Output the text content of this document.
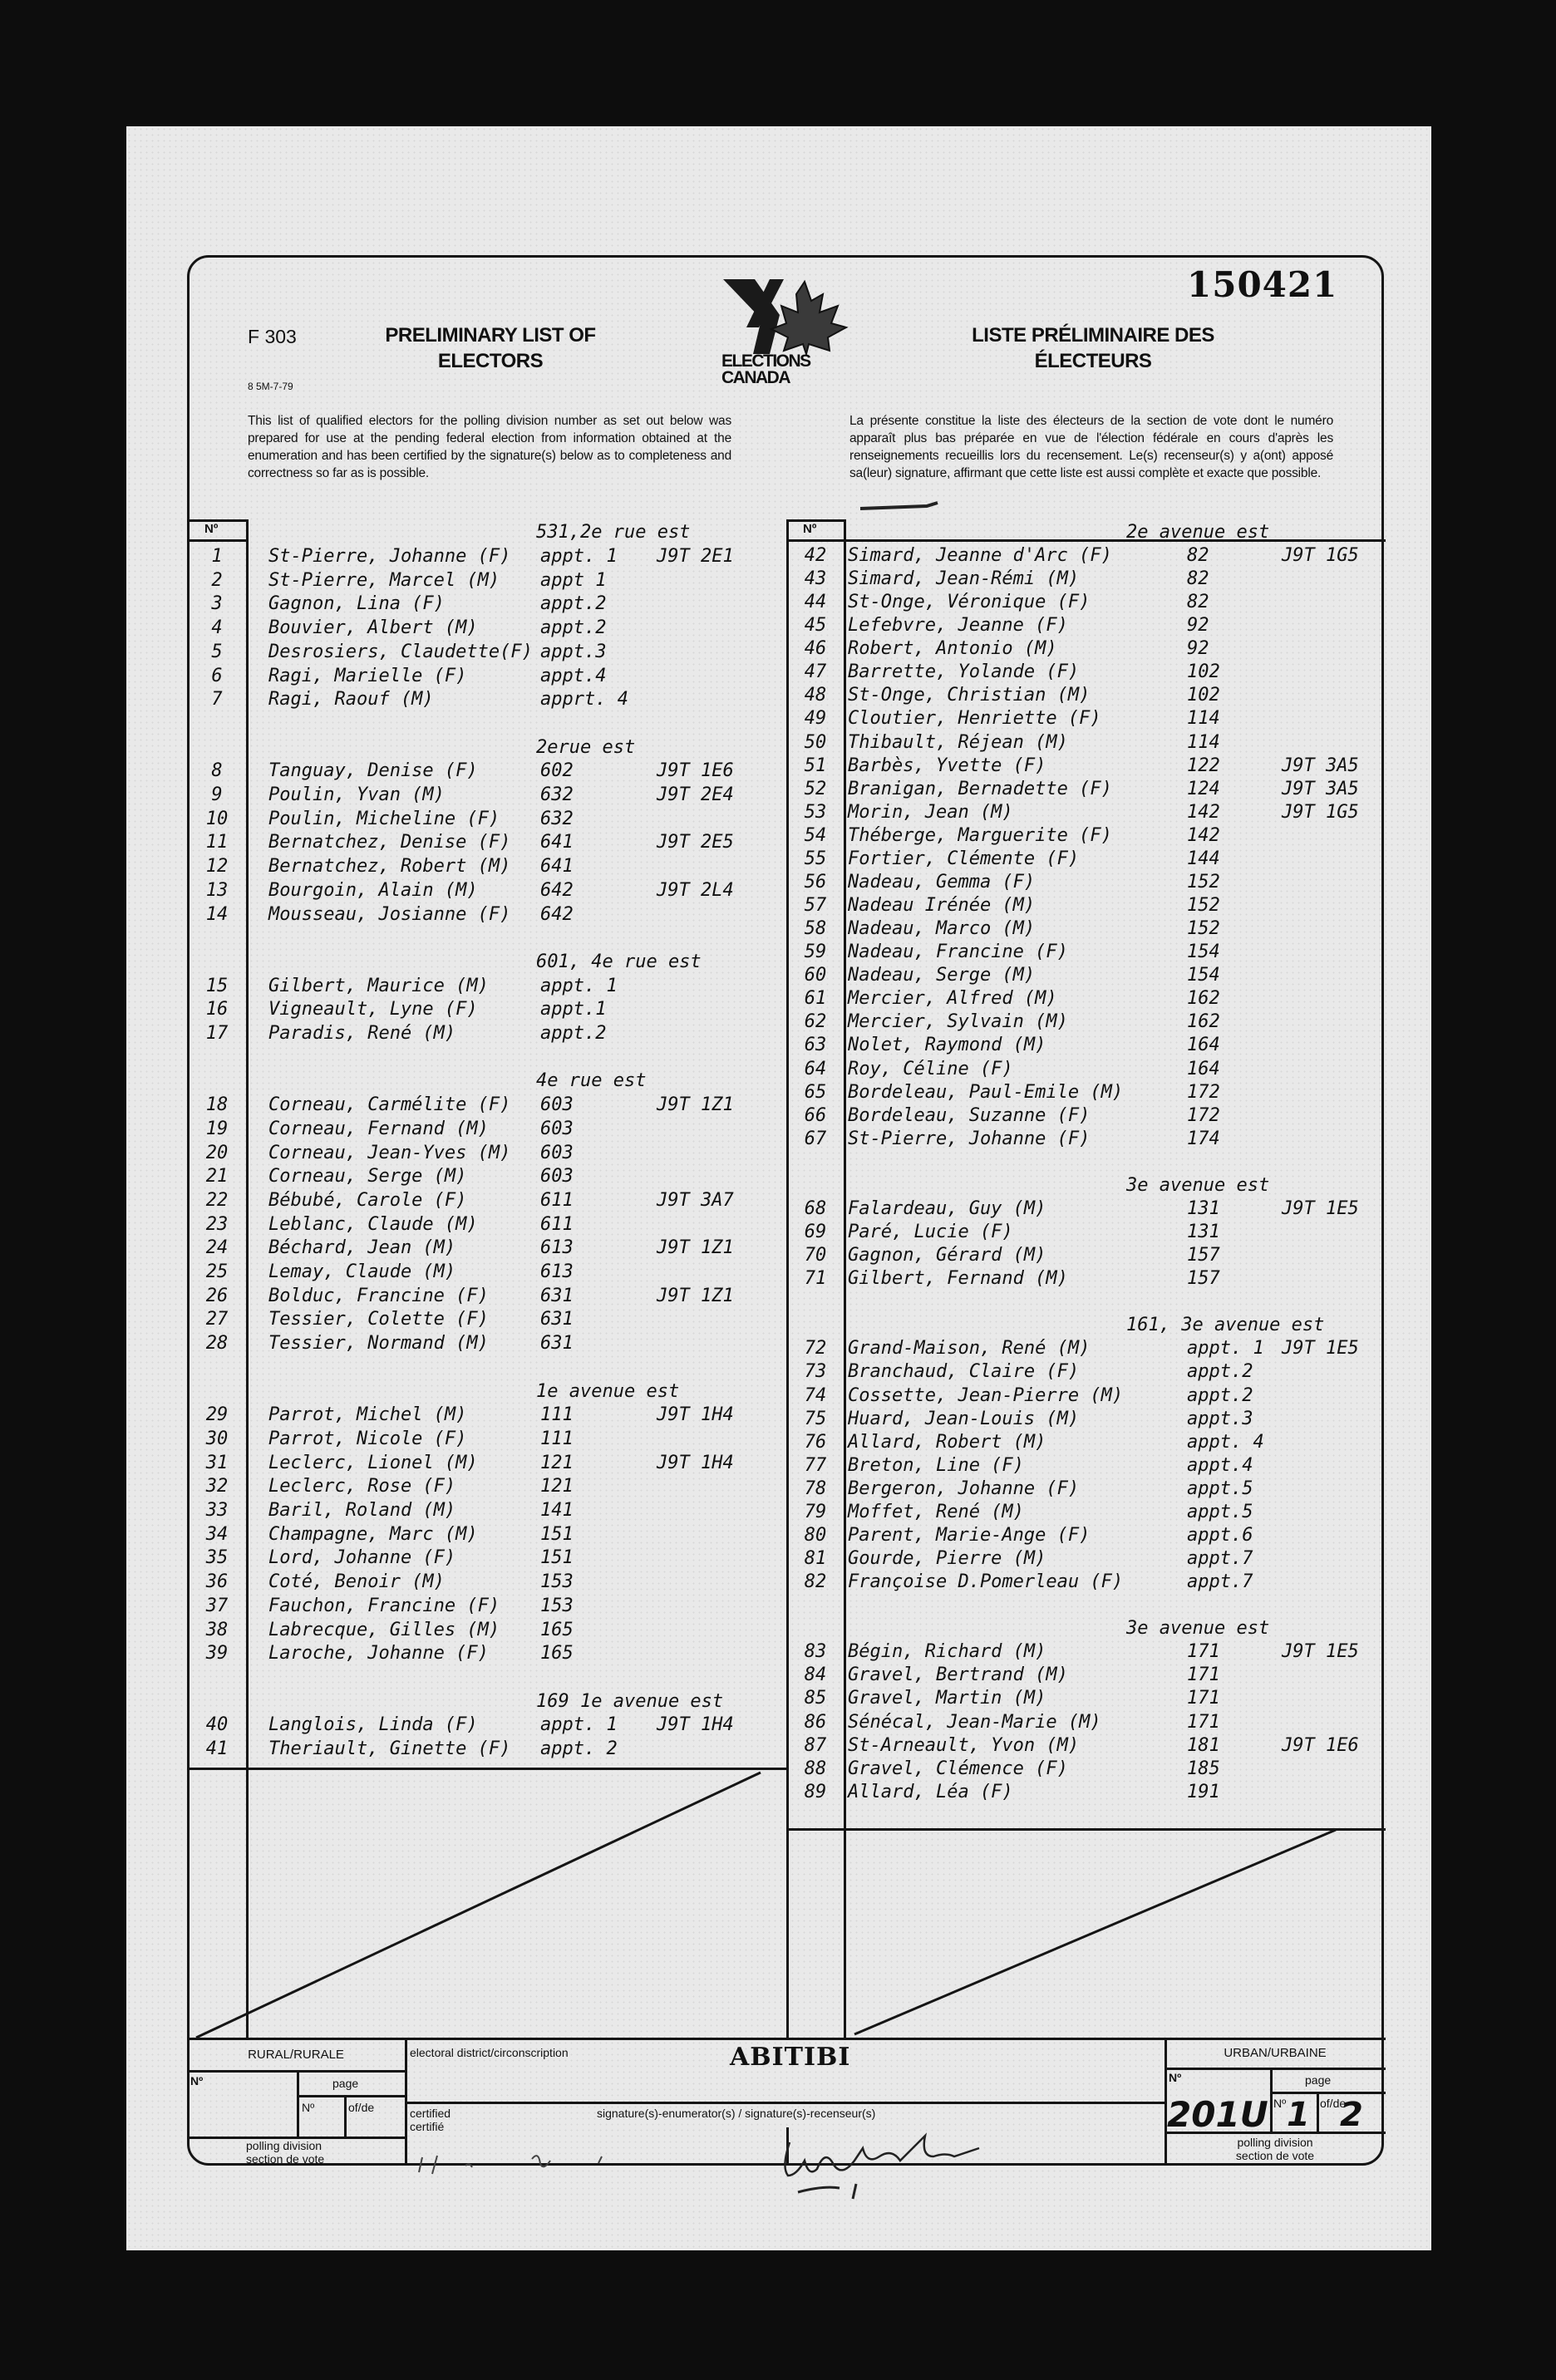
150421
F 303
8 5M-7-79
PRELIMINARY LIST OF
ELECTORS
LISTE PRÉLIMINAIRE DES
ÉLECTEURS
ELECTIONS
CANADA
This list of qualified electors for the polling division number as set out below was prepared for use at the pending federal election from information obtained at the enumeration and has been certified by the signature(s) below as to completeness and correctness so far as is possible.
La présente constitue la liste des électeurs de la section de vote dont le numéro apparaît plus bas préparée en vue de l'élection fédérale en cours d'après les renseignements recueillis lors du recensement. Le(s) recenseur(s) y a(ont) apposé sa(leur) signature, affirmant que cette liste est aussi complète et exacte que possible.
Nº	Nº
531,2e rue est
1	St-Pierre, Johanne (F) appt. 1 J9T 2E1
2	St-Pierre, Marcel (M) appt 1
3	Gagnon, Lina (F)	appt.2
4	Bouvier, Albert (M)	appt.2
5	Desrosiers, Claudette(F) appt.3
6	Ragi, Marielle (F)	appt.4
7	Ragi, Raouf (M)	apprt. 4
2erue est
8	Tanguay, Denise (F)	602	J9T 1E6
9	Poulin, Yvan (M)	632	J9T 2E4
10	Poulin, Micheline (F) 632
11	Bernatchez, Denise (F) 641	J9T 2E5
12	Bernatchez, Robert (M) 641
13	Bourgoin, Alain (M)	642	J9T 2L4
14	Mousseau, Josianne (F) 642
601, 4e rue est
15	Gilbert, Maurice (M)	appt. 1
16	Vigneault, Lyne (F)	appt.1
17	Paradis, René (M)	appt.2
4e rue est
18	Corneau, Carmélite (F) 603	J9T 1Z1
19	Corneau, Fernand (M)	603
20	Corneau, Jean-Yves (M) 603
21	Corneau, Serge (M)	603
22	Bébubé, Carole (F)	611	J9T 3A7
23	Leblanc, Claude (M)	611
24	Béchard, Jean (M)	613	J9T 1Z1
25	Lemay, Claude (M)	613
26	Bolduc, Francine (F)	631	J9T 1Z1
27	Tessier, Colette (F)	631
28	Tessier, Normand (M)	631
1e avenue est
29	Parrot, Michel (M)	111	J9T 1H4
30	Parrot, Nicole (F)	111
31	Leclerc, Lionel (M)	121	J9T 1H4
32	Leclerc, Rose (F)	121
33	Baril, Roland (M)	141
34	Champagne, Marc (M)	151
35	Lord, Johanne (F)	151
36	Coté, Benoir (M)	153
37	Fauchon, Francine (F) 153
38	Labrecque, Gilles (M) 165
39	Laroche, Johanne (F)	165
169 1e avenue est
40	Langlois, Linda (F)	appt. 1 J9T 1H4
41	Theriault, Ginette (F) appt. 2
2e avenue est
42	Simard, Jeanne d'Arc (F)	82	J9T 1G5
43	Simard, Jean-Rémi (M)	82
44	St-Onge, Véronique (F)	82
45	Lefebvre, Jeanne (F)	92
46	Robert, Antonio (M)	92
47	Barrette, Yolande (F)	102
48	St-Onge, Christian (M)	102
49	Cloutier, Henriette (F)	114
50	Thibault, Réjean (M)	114
51	Barbès, Yvette (F)	122	J9T 3A5
52	Branigan, Bernadette (F)	124	J9T 3A5
53	Morin, Jean (M)	142	J9T 1G5
54	Théberge, Marguerite (F)	142
55	Fortier, Clémente (F)	144
56	Nadeau, Gemma (F)	152
57	Nadeau Irénée (M)	152
58	Nadeau, Marco (M)	152
59	Nadeau, Francine (F)	154
60	Nadeau, Serge (M)	154
61	Mercier, Alfred (M)	162
62	Mercier, Sylvain (M)	162
63	Nolet, Raymond (M)	164
64	Roy, Céline (F)	164
65	Bordeleau, Paul-Emile (M)	172
66	Bordeleau, Suzanne (F)	172
67	St-Pierre, Johanne (F)	174
3e avenue est
68	Falardeau, Guy (M)	131	J9T 1E5
69	Paré, Lucie (F)	131
70	Gagnon, Gérard (M)	157
71	Gilbert, Fernand (M)	157
161, 3e avenue est
72	Grand-Maison, René (M)	appt. 1 J9T 1E5
73	Branchaud, Claire (F)	appt.2
74	Cossette, Jean-Pierre (M)	appt.2
75	Huard, Jean-Louis (M)	appt.3
76	Allard, Robert (M)	appt. 4
77	Breton, Line (F)	appt.4
78	Bergeron, Johanne (F)	appt.5
79	Moffet, René (M)	appt.5
80	Parent, Marie-Ange (F)	appt.6
81	Gourde, Pierre (M)	appt.7
82	Françoise D.Pomerleau (F)	appt.7
3e avenue est
83	Bégin, Richard (M)	171	J9T 1E5
84	Gravel, Bertrand (M)	171
85	Gravel, Martin (M)	171
86	Sénécal, Jean-Marie (M)	171
87	St-Arneault, Yvon (M)	181	J9T 1E6
88	Gravel, Clémence (F)	185
89	Allard, Léa (F)	191
RURAL/RURALE
Nº	page
Nº	of/de
polling division
section de vote
electoral district/circonscription	ABITIBI
certified
certifié
signature(s)-enumerator(s) / signature(s)-recenseur(s)
URBAN/URBAINE
Nº	page
Nº	of/de
201U 1 2
polling division
section de vote
